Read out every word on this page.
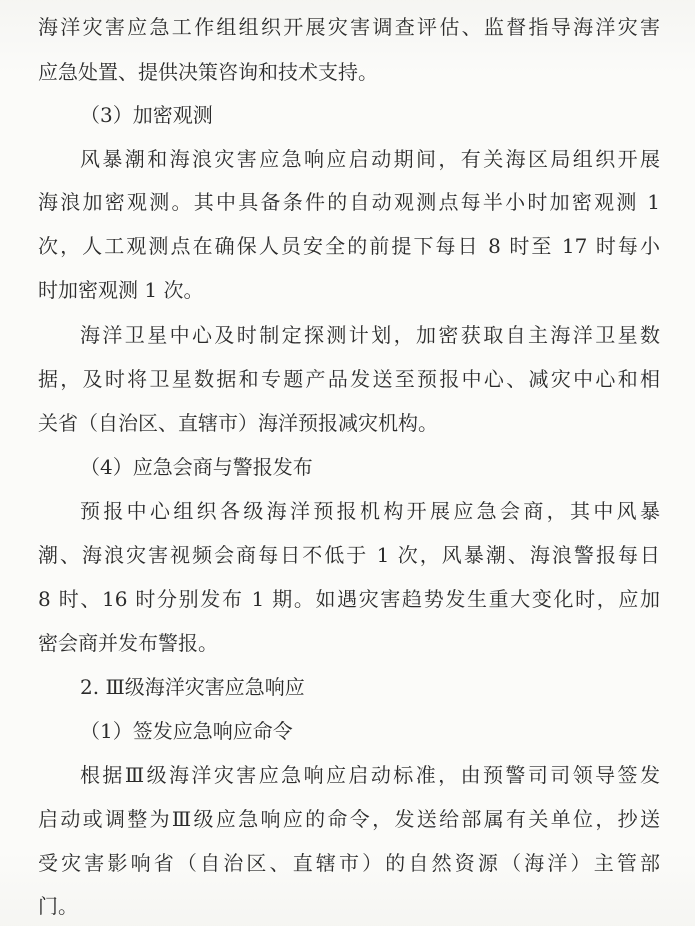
海洋灾害应急工作组组织开展灾害调查评估、监督指导海洋灾害
应急处置、提供决策咨询和技术支持。
（3）加密观测
风暴潮和海浪灾害应急响应启动期间，有关海区局组织开展
海浪加密观测。其中具备条件的自动观测点每半小时加密观测 1
次，人工观测点在确保人员安全的前提下每日 8 时至 17 时每小
时加密观测 1 次。
海洋卫星中心及时制定探测计划，加密获取自主海洋卫星数
据，及时将卫星数据和专题产品发送至预报中心、减灾中心和相
关省（自治区、直辖市）海洋预报减灾机构。
（4）应急会商与警报发布
预报中心组织各级海洋预报机构开展应急会商，其中风暴
潮、海浪灾害视频会商每日不低于 1 次，风暴潮、海浪警报每日
8 时、16 时分别发布 1 期。如遇灾害趋势发生重大变化时，应加
密会商并发布警报。
2. Ⅲ级海洋灾害应急响应
（1）签发应急响应命令
根据Ⅲ级海洋灾害应急响应启动标准，由预警司司领导签发
启动或调整为Ⅲ级应急响应的命令，发送给部属有关单位，抄送
受灾害影响省（自治区、直辖市）的自然资源（海洋）主管部
门。
